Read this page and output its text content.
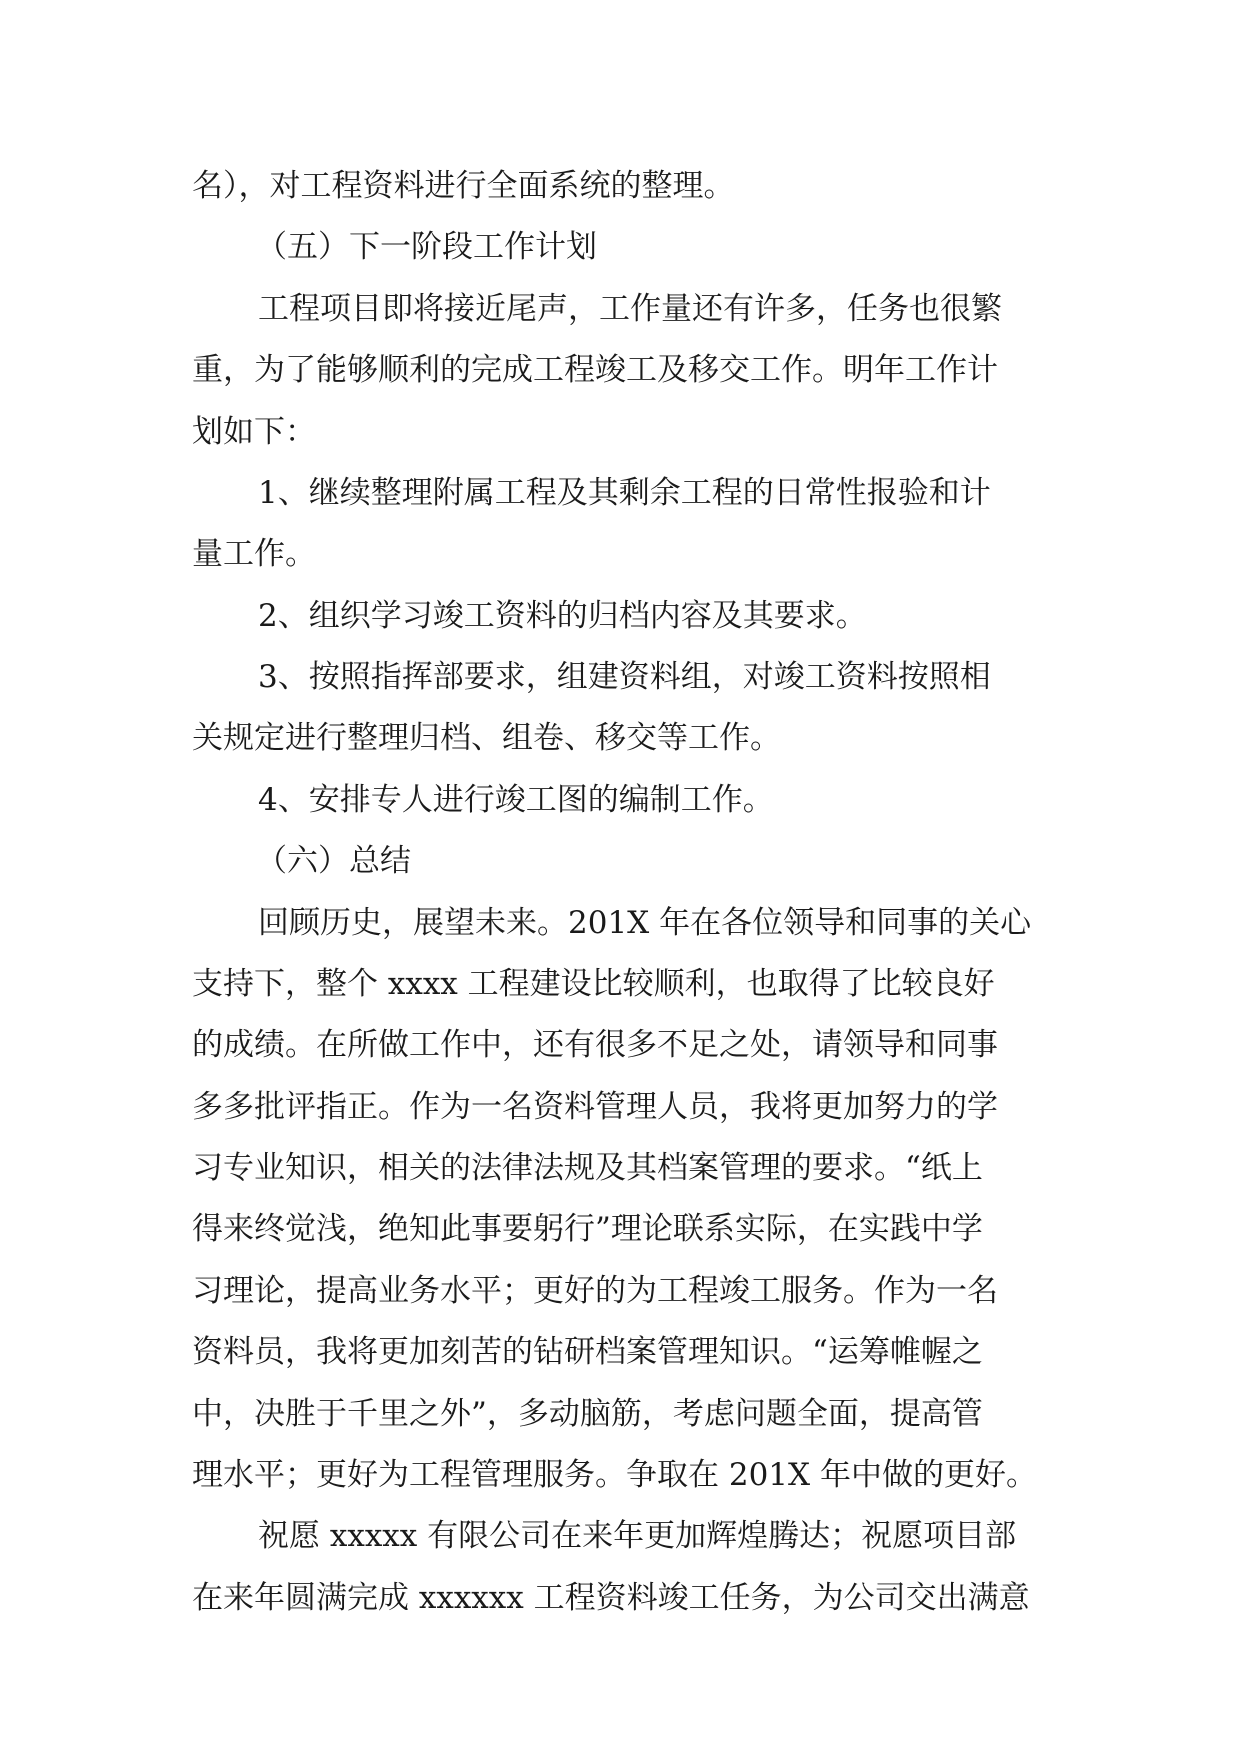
名），对工程资料进行全面系统的整理。
（五）下一阶段工作计划
工程项目即将接近尾声，工作量还有许多，任务也很繁
重，为了能够顺利的完成工程竣工及移交工作。明年工作计
划如下：
1、继续整理附属工程及其剩余工程的日常性报验和计
量工作。
2、组织学习竣工资料的归档内容及其要求。
3、按照指挥部要求，组建资料组，对竣工资料按照相
关规定进行整理归档、组卷、移交等工作。
4、安排专人进行竣工图的编制工作。
（六）总结
回顾历史，展望未来。201X 年在各位领导和同事的关心
支持下，整个 xxxx 工程建设比较顺利，也取得了比较良好
的成绩。在所做工作中，还有很多不足之处，请领导和同事
多多批评指正。作为一名资料管理人员，我将更加努力的学
习专业知识，相关的法律法规及其档案管理的要求。“纸上
得来终觉浅，绝知此事要躬行”理论联系实际，在实践中学
习理论，提高业务水平；更好的为工程竣工服务。作为一名
资料员，我将更加刻苦的钻研档案管理知识。“运筹帷幄之
中，决胜于千里之外”，多动脑筋，考虑问题全面，提高管
理水平；更好为工程管理服务。争取在 201X 年中做的更好。
祝愿 xxxxx 有限公司在来年更加辉煌腾达；祝愿项目部
在来年圆满完成 xxxxxx 工程资料竣工任务，为公司交出满意
